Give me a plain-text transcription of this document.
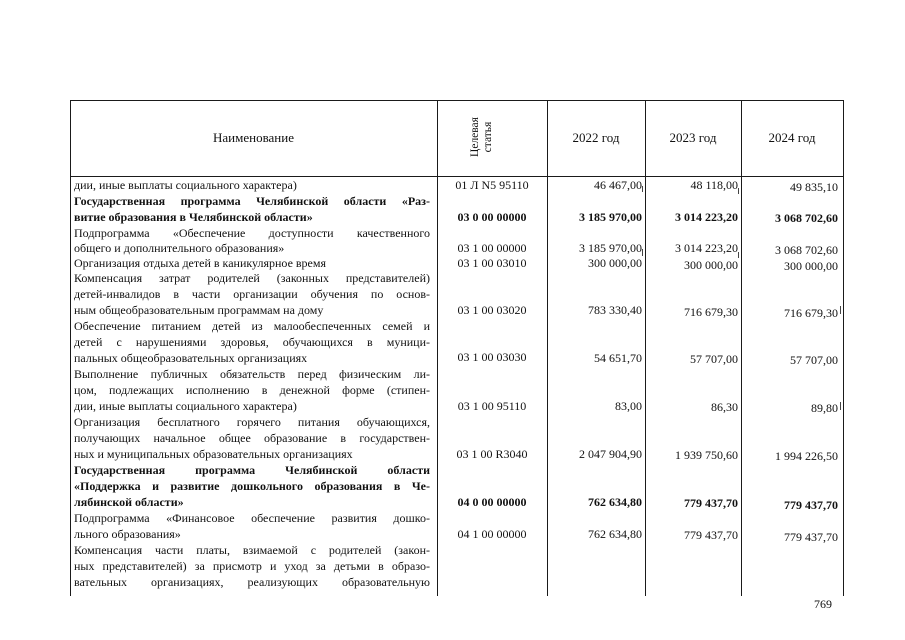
Наименование	Целевая статья	2022 год	2023 год	2024 год
дии, иные выплаты социального характера)	01 Л N5 95110	46 467,00	48 118,00	49 835,10
Государственная программа Челябинской области «Раз-
витие образования в Челябинской области»	03 0 00 00000	3 185 970,00	3 014 223,20	3 068 702,60
Подпрограмма «Обеспечение доступности качественного
общего и дополнительного образования»	03 1 00 00000	3 185 970,00	3 014 223,20	3 068 702,60
Организация отдыха детей в каникулярное время	03 1 00 03010	300 000,00	300 000,00	300 000,00
Компенсация затрат родителей (законных представителей)
детей-инвалидов в части организации обучения по основ-
ным общеобразовательным программам на дому	03 1 00 03020	783 330,40	716 679,30	716 679,30
Обеспечение питанием детей из малообеспеченных семей и
детей с нарушениями здоровья, обучающихся в муници-
пальных общеобразовательных организациях	03 1 00 03030	54 651,70	57 707,00	57 707,00
Выполнение публичных обязательств перед физическим ли-
цом, подлежащих исполнению в денежной форме (стипен-
дии, иные выплаты социального характера)	03 1 00 95110	83,00	86,30	89,80
Организация бесплатного горячего питания обучающихся,
получающих начальное общее образование в государствен-
ных и муниципальных образовательных организациях	03 1 00 R3040	2 047 904,90	1 939 750,60	1 994 226,50
Государственная программа Челябинской области
«Поддержка и развитие дошкольного образования в Че-
лябинской области»	04 0 00 00000	762 634,80	779 437,70	779 437,70
Подпрограмма «Финансовое обеспечение развития дошко-
льного образования»	04 1 00 00000	762 634,80	779 437,70	779 437,70
Компенсация части платы, взимаемой с родителей (закон-
ных представителей) за присмотр и уход за детьми в образо-
вательных организациях, реализующих образовательную
769
